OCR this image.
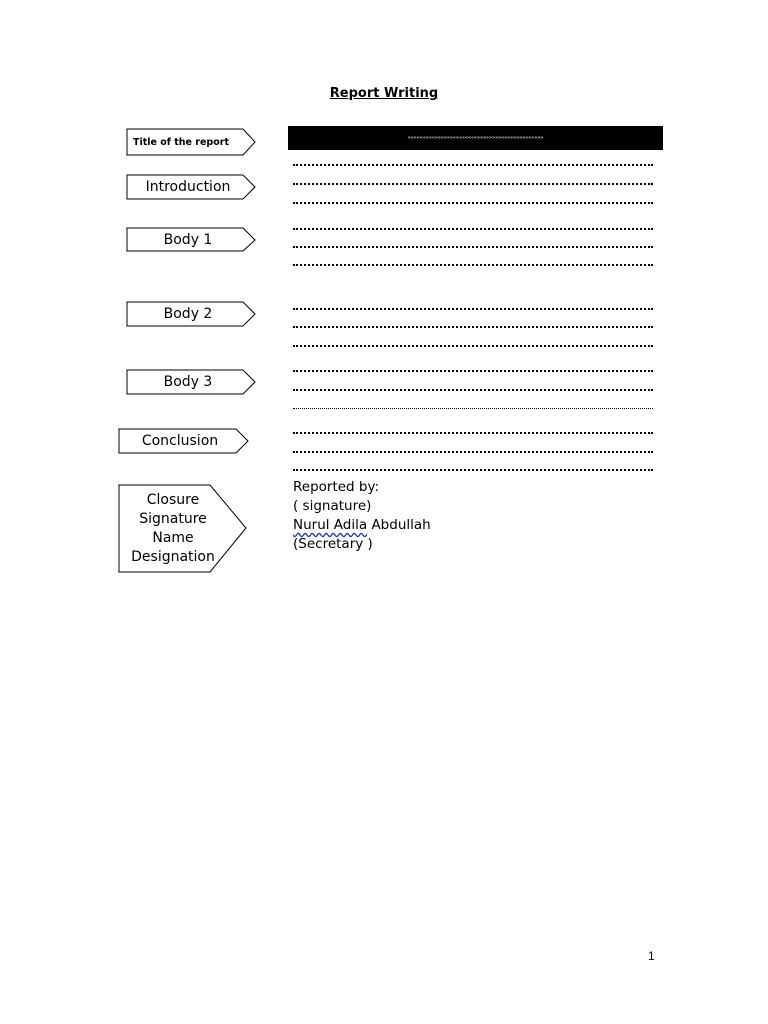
Report Writing
Title of the report
Introduction
Body 1
Body 2
Body 3
Conclusion
Closure
Signature
Name
Designation
«««««««««»»»»»»««««««««»»»»»»»»«««««««««»»»»»
Reported by:
( signature)
Nurul Adila Abdullah
(Secretary )
1
